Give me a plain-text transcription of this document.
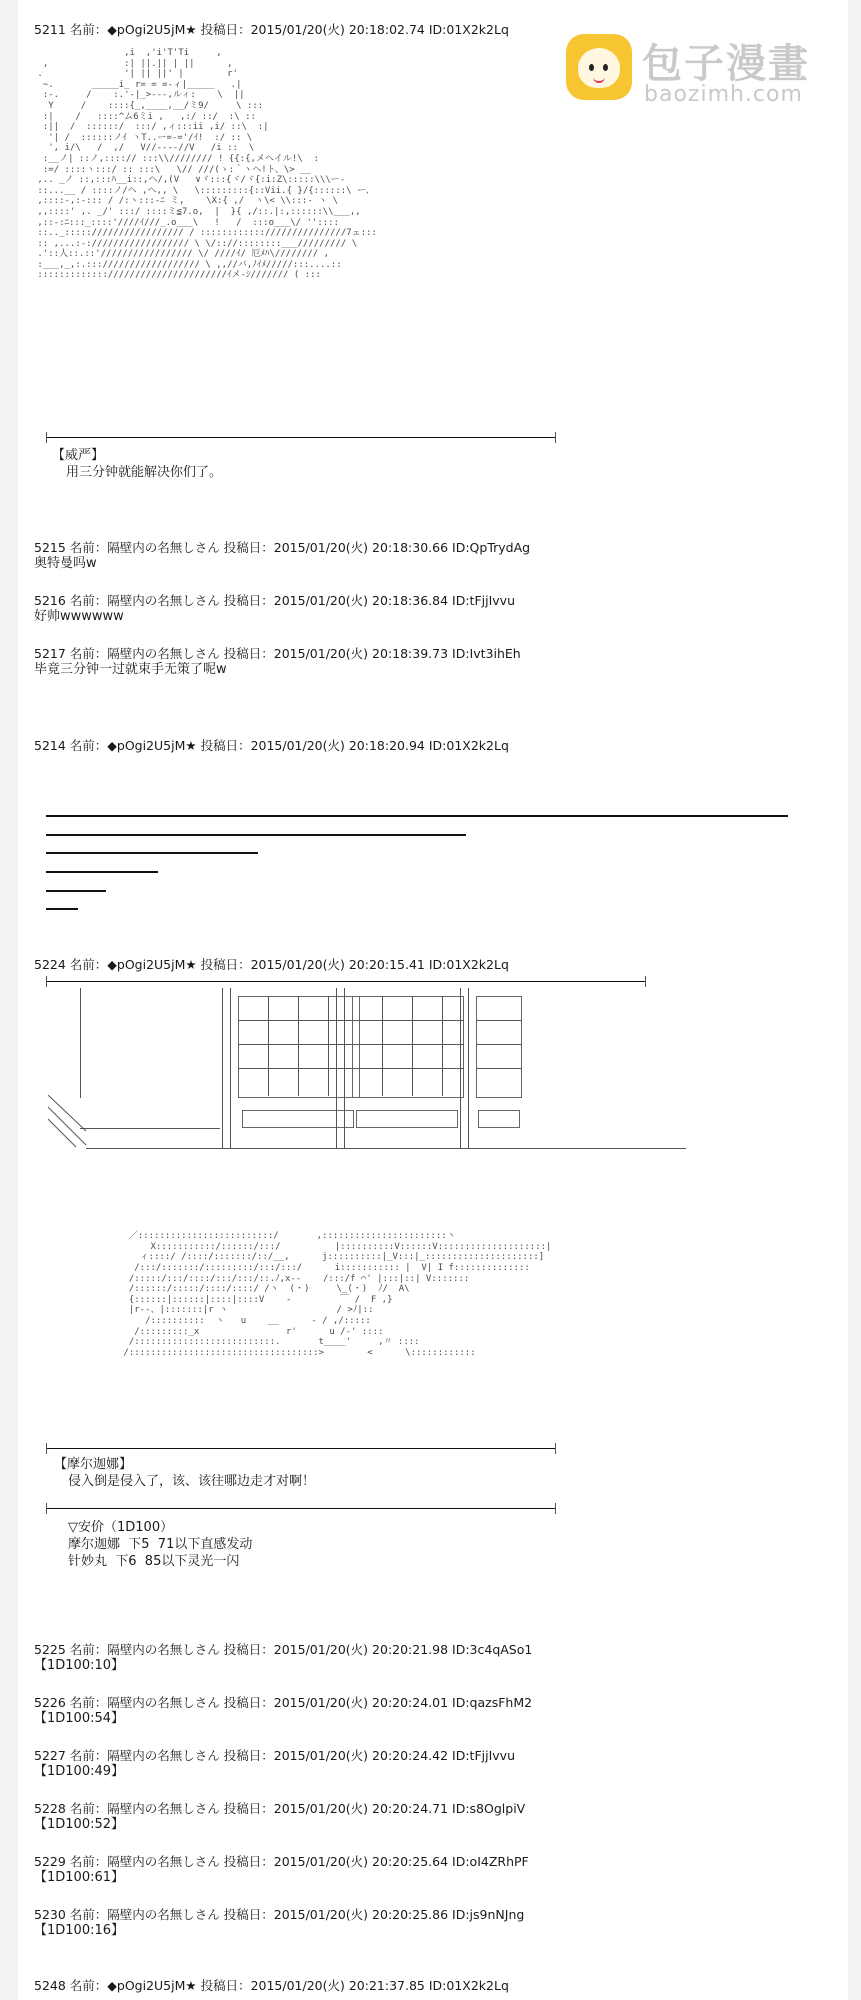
包子漫畫
baozimh.com
5211 名前：◆pOgi2U5jM★ 投稿日：2015/01/20(火) 20:18:02.74 ID:01X2k2Lq
,i  ,'i'T'Ti     ,
,              :| ||.|| | ||      ,
.               '| || ||' |        r'
~.       _____i_ r= = =-ィ|_____   .|
:-.     /    :.'-|_>---,ルィ:    \  ||
Y     /    ::::{_,____,__/ミ9/     \ :::
:|    /   ::::^ム6ミi ,   ,:/ ::/  :\ ::
:||  /  ::::::/  :::/ ,ィ:::ii ,i/ ::\  :|
'| /  ::::::ノｲ ヽT..ー=-='/ｲ!  :/ :: \
', i/\   /  ,/   V//----//V   /i ::  \
:__ノ| ::ノ,::::// :::\\//////// ! {{:{,メヘイル!\  :
:=/ ::::ヽ:::/ :: :::\   \// ///(ゝ:｀ヽヘ!ト、\> __
,.. _ノ ::,:::ﾊ__i::,ヘ/,(V   ∨ヾ:::{ヾ/ヾ{:i:Z\:::::\\\ー-
::...__ / ::::ノ/ヘ ,ヘ,, \   \:::::::::{::Vii.{ }/{::::::\ ー、
,::::-,:-::: / /:ヽ:::-ﾆ ミ,    \X:{ ,/  ヽ\< \\:::- ヽ \
,,::::' ,. _/' :::/ ::::ミ≦7.o,  |  }{ ,/::.|:,::::::\\___,,
,::-:ﾆ:::_::::'////ｲ///_.o___\   !   /  :::o___\/ ''::::
::.._:::::///////////////// / ::::::::::::///////////////7ェ:::
:: ,...:-:////////////////// \ \/:://::::::::___///////// \
.'::人::.::'///////////////// \/ ////ｲ/ 厄ﾒﾊ\//////// ,
:___,_,:.:::////////////////// \ ,,//バ,ﾉｲﾒ/////:::....::
::::::::::::://////////////////////ｲメ-ｼ/////// ( :::

【威严】
用三分钟就能解决你们了。
5215 名前：隔壁内の名無しさん 投稿日：2015/01/20(火) 20:18:30.66 ID:QpTrydAg
奥特曼吗w
5216 名前：隔壁内の名無しさん 投稿日：2015/01/20(火) 20:18:36.84 ID:tFjjIvvu
好帅wwwwww
5217 名前：隔壁内の名無しさん 投稿日：2015/01/20(火) 20:18:39.73 ID:Ivt3ihEh
毕竟三分钟一过就束手无策了呢w
5214 名前：◆pOgi2U5jM★ 投稿日：2015/01/20(火) 20:18:20.94 ID:01X2k2Lq
5224 名前：◆pOgi2U5jM★ 投稿日：2015/01/20(火) 20:20:15.41 ID:01X2k2Lq

／:::::::::::::::::::::::::/       ,:::::::::::::::::::::::ヽ
X:::::::::::/::::::/:::/          |::::::::::V::::::V::::::::::::::::::::|
ィ::::/ /::::/:::::::/::/__,      j::::::::::|_V:::|_:::::::::::::::::::::]
/:::/:::::::/:::::::::/:::/:::/      i::::::::::: |  V| I f::::::::::::::
/:::::/:::/::::/:::/:::/::.ﾉ,x--    /:::/f ⌒' |:::|::| V:::::::
/::::::/:::::/::::/::::/ /ヽ  (・)     \_(・)  ﾉ/  A\
{::::::|::::::|::::|::::V    ‐         ￣ /  F ,}
|r‐-、|:::::::|r ヽ                    / >ﾉ|::
/::::::::::  ヽ   u    __      ‐ / ,/:::::
/:::::::::_x                r'      u /‐' ::::
/::::::::::::::::::::::::::.       t____'     ,〃 ::::
/:::::::::::::::::::::::::::::::::::>        <      \::::::::::::

【摩尔迦娜】
侵入倒是侵入了，该、该往哪边走才对啊！
▽安价（1D100）
摩尔迦娜  下5  71以下直感发动
针妙丸  下6  85以下灵光一闪
5225 名前：隔壁内の名無しさん 投稿日：2015/01/20(火) 20:20:21.98 ID:3c4qASo1
【1D100:10】
5226 名前：隔壁内の名無しさん 投稿日：2015/01/20(火) 20:20:24.01 ID:qazsFhM2
【1D100:54】
5227 名前：隔壁内の名無しさん 投稿日：2015/01/20(火) 20:20:24.42 ID:tFjjIvvu
【1D100:49】
5228 名前：隔壁内の名無しさん 投稿日：2015/01/20(火) 20:20:24.71 ID:s8OglpiV
【1D100:52】
5229 名前：隔壁内の名無しさん 投稿日：2015/01/20(火) 20:20:25.64 ID:oI4ZRhPF
【1D100:61】
5230 名前：隔壁内の名無しさん 投稿日：2015/01/20(火) 20:20:25.86 ID:js9nNJng
【1D100:16】
5248 名前：◆pOgi2U5jM★ 投稿日：2015/01/20(火) 20:21:37.85 ID:01X2k2Lq
